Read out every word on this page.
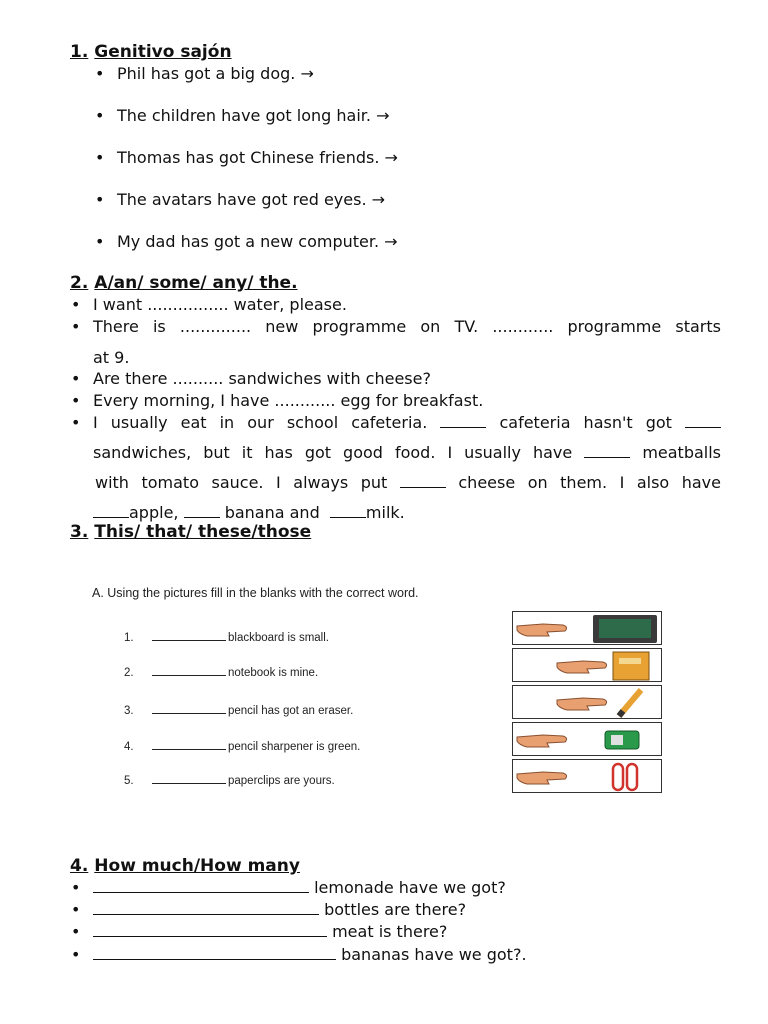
1. Genitivo sajón
• Phil has got a big dog. →
• The children have got long hair. →
• Thomas has got Chinese friends. →
• The avatars have got red eyes. →
• My dad has got a new computer. →
2. A/an/ some/ any/ the.
• I want ................ water, please.
• There is .............. new programme on TV. ............ programme starts
at 9.
• Are there .......... sandwiches with cheese?
• Every morning, I have ............ egg for breakfast.
• I usually eat in our school cafeteria.	cafeteria hasn't got
sandwiches, but it has got good food. I usually have	meatballs
with tomato sauce. I always put	cheese on them. I also have
apple,	banana and	milk.
3. This/ that/ these/those
A. Using the pictures fill in the blanks with the correct word.
1.	blackboard is small.
2.	notebook is mine.
3.	pencil has got an eraser.
4.	pencil sharpener is green.
5.	paperclips are yours.
4. How much/How many
• lemonade have we got?
• bottles are there?
• meat is there?
• bananas have we got?.
